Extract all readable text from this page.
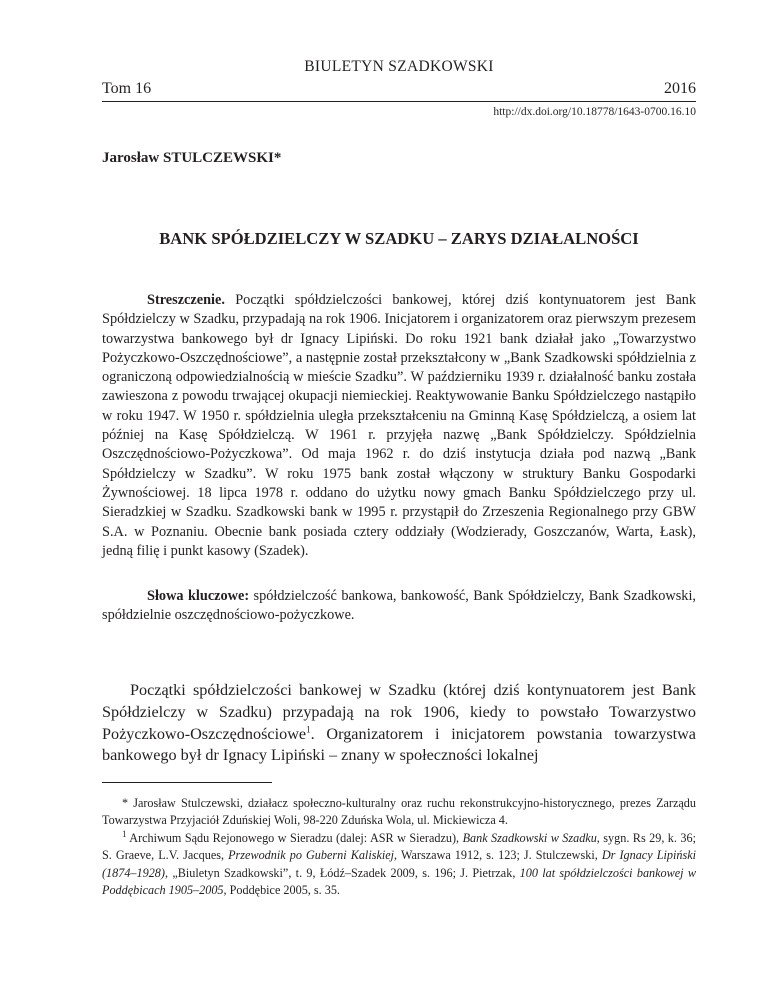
BIULETYN SZADKOWSKI
Tom 16	2016
http://dx.doi.org/10.18778/1643-0700.16.10
Jarosław STULCZEWSKI*
BANK SPÓŁDZIELCZY W SZADKU – ZARYS DZIAŁALNOŚCI

Streszczenie. Początki spółdzielczości bankowej, której dziś kontynuatorem jest Bank Spółdzielczy w Szadku, przypadają na rok 1906. Inicjatorem i organizatorem oraz pierwszym prezesem towarzystwa bankowego był dr Ignacy Lipiński. Do roku 1921 bank działał jako „Towarzystwo Pożyczkowo-Oszczędnościowe”, a następnie został przekształcony w „Bank Szadkowski spółdzielnia z ograniczoną odpowiedzialnością w mieście Szadku”. W październiku 1939 r. działalność banku została zawieszona z powodu trwającej okupacji niemieckiej. Reaktywowanie Banku Spółdzielczego nastąpiło w roku 1947. W 1950 r. spółdzielnia uległa przekształceniu na Gminną Kasę Spółdzielczą, a osiem lat później na Kasę Spółdzielczą. W 1961 r. przyjęła nazwę „Bank Spółdzielczy. Spółdzielnia Oszczędnościowo-Pożyczkowa”. Od maja 1962 r. do dziś instytucja działa pod nazwą „Bank Spółdzielczy w Szadku”. W roku 1975 bank został włączony w struktury Banku Gospodarki Żywnościowej. 18 lipca 1978 r. oddano do użytku nowy gmach Banku Spółdzielczego przy ul. Sieradzkiej w Szadku. Szadkowski bank w 1995 r. przystąpił do Zrzeszenia Regionalnego przy GBW S.A. w Poznaniu. Obecnie bank posiada cztery oddziały (Wodzierady, Goszczanów, Warta, Łask), jedną filię i punkt kasowy (Szadek).

Słowa kluczowe: spółdzielczość bankowa, bankowość, Bank Spółdzielczy, Bank Szadkowski, spółdzielnie oszczędnościowo-pożyczkowe.

Początki spółdzielczości bankowej w Szadku (której dziś kontynuatorem jest Bank Spółdzielczy w Szadku) przypadają na rok 1906, kiedy to powstało Towarzystwo Pożyczkowo-Oszczędnościowe$^1$. Organizatorem i inicjatorem powstania towarzystwa bankowego był dr Ignacy Lipiński – znany w społeczności lokalnej

* Jarosław Stulczewski, działacz społeczno-kulturalny oraz ruchu rekonstrukcyjno-historycznego, prezes Zarządu Towarzystwa Przyjaciół Zduńskiej Woli, 98-220 Zduńska Wola, ul. Mickiewicza 4.

$^1$ Archiwum Sądu Rejonowego w Sieradzu (dalej: ASR w Sieradzu), Bank Szadkowski w Szadku, sygn. Rs 29, k. 36; S. Graeve, L.V. Jacques, Przewodnik po Guberni Kaliskiej, Warszawa 1912, s. 123; J. Stulczewski, Dr Ignacy Lipiński (1874–1928), „Biuletyn Szadkowski”, t. 9, Łódź–Szadek 2009, s. 196; J. Pietrzak, 100 lat spółdzielczości bankowej w Poddębicach 1905–2005, Poddębice 2005, s. 35.
